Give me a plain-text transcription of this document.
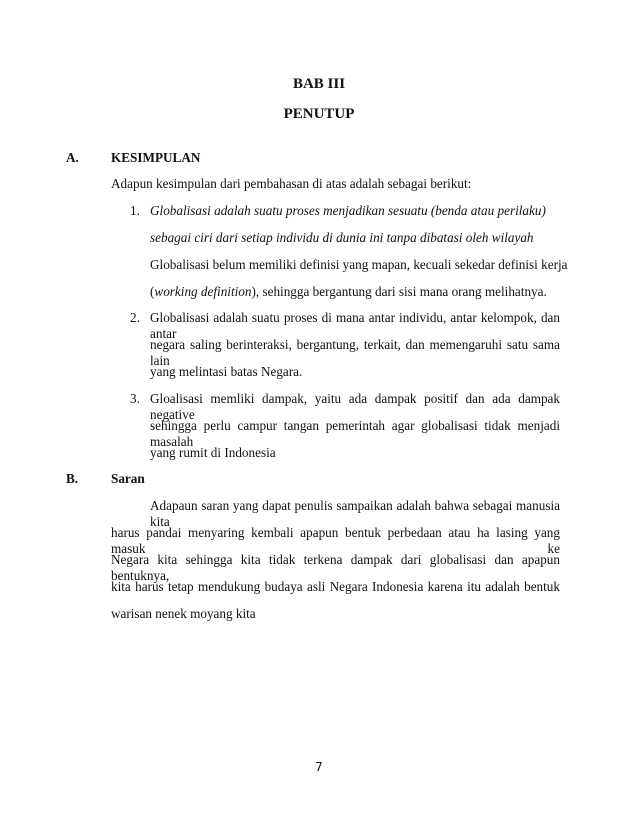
BAB III
PENUTUP
A. KESIMPULAN
Adapun kesimpulan dari pembahasan di atas adalah sebagai berikut:
1. Globalisasi adalah suatu proses menjadikan sesuatu (benda atau perilaku)
sebagai ciri dari setiap individu di dunia ini tanpa dibatasi oleh wilayah
Globalisasi belum memiliki definisi yang mapan, kecuali sekedar definisi kerja
(working definition), sehingga bergantung dari sisi mana orang melihatnya.
2. Globalisasi adalah suatu proses di mana antar individu, antar kelompok, dan antar
negara saling berinteraksi, bergantung, terkait, dan memengaruhi satu sama lain
yang melintasi batas Negara.
3. Gloalisasi memliki dampak, yaitu ada dampak positif dan ada dampak negative
sehingga perlu campur tangan pemerintah agar globalisasi tidak menjadi masalah
yang rumit di Indonesia
B. Saran
Adapaun saran yang dapat penulis sampaikan adalah bahwa sebagai manusia kita
harus pandai menyaring kembali apapun bentuk perbedaan atau ha lasing yang masuk ke
Negara kita sehingga kita tidak terkena dampak dari globalisasi dan apapun bentuknya,
kita harus tetap mendukung budaya asli Negara Indonesia karena itu adalah bentuk
warisan nenek moyang kita
7
